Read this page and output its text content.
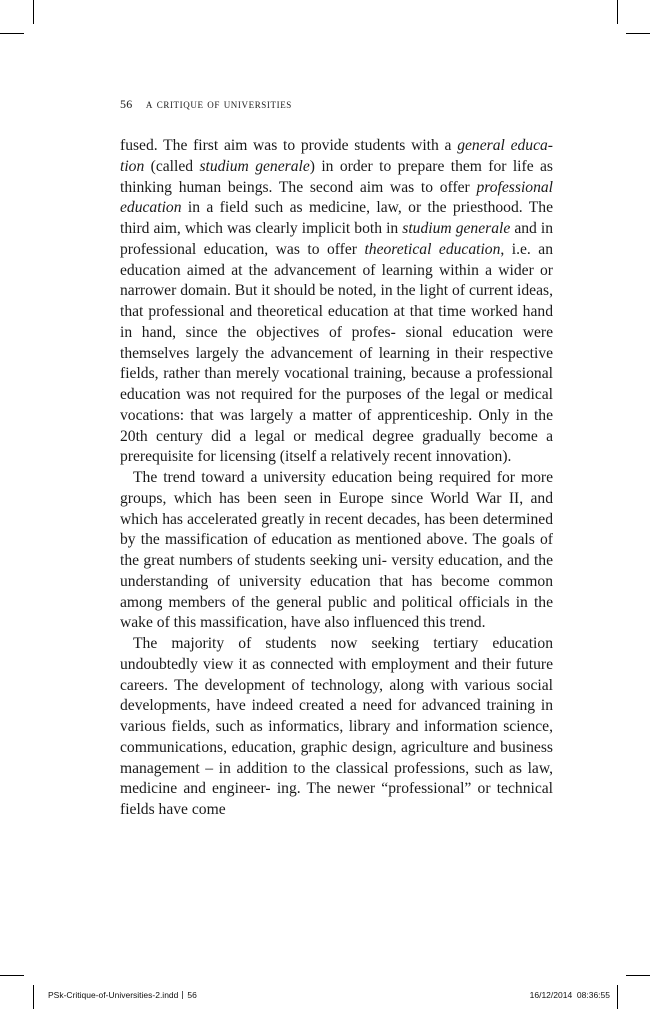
56 a critique of universities

fused. The first aim was to provide students with a general educa- tion (called studium generale) in order to prepare them for life as thinking human beings. The second aim was to offer professional education in a field such as medicine, law, or the priesthood. The third aim, which was clearly implicit both in studium generale and in professional education, was to offer theoretical education, i.e. an education aimed at the advancement of learning within a wider or narrower domain. But it should be noted, in the light of current ideas, that professional and theoretical education at that time worked hand in hand, since the objectives of profes- sional education were themselves largely the advancement of learning in their respective fields, rather than merely vocational training, because a professional education was not required for the purposes of the legal or medical vocations: that was largely a matter of apprenticeship. Only in the 20th century did a legal or medical degree gradually become a prerequisite for licensing (itself a relatively recent innovation).

The trend toward a university education being required for more groups, which has been seen in Europe since World War II, and which has accelerated greatly in recent decades, has been determined by the massification of education as mentioned above. The goals of the great numbers of students seeking uni- versity education, and the understanding of university education that has become common among members of the general public and political officials in the wake of this massification, have also influenced this trend.

The majority of students now seeking tertiary education undoubtedly view it as connected with employment and their future careers. The development of technology, along with various social developments, have indeed created a need for advanced training in various fields, such as informatics, library and information science, communications, education, graphic design, agriculture and business management – in addition to the classical professions, such as law, medicine and engineer- ing. The newer “professional” or technical fields have come

PSk-Critique-of-Universities-2.indd 56	16/12/2014 08:36:55
